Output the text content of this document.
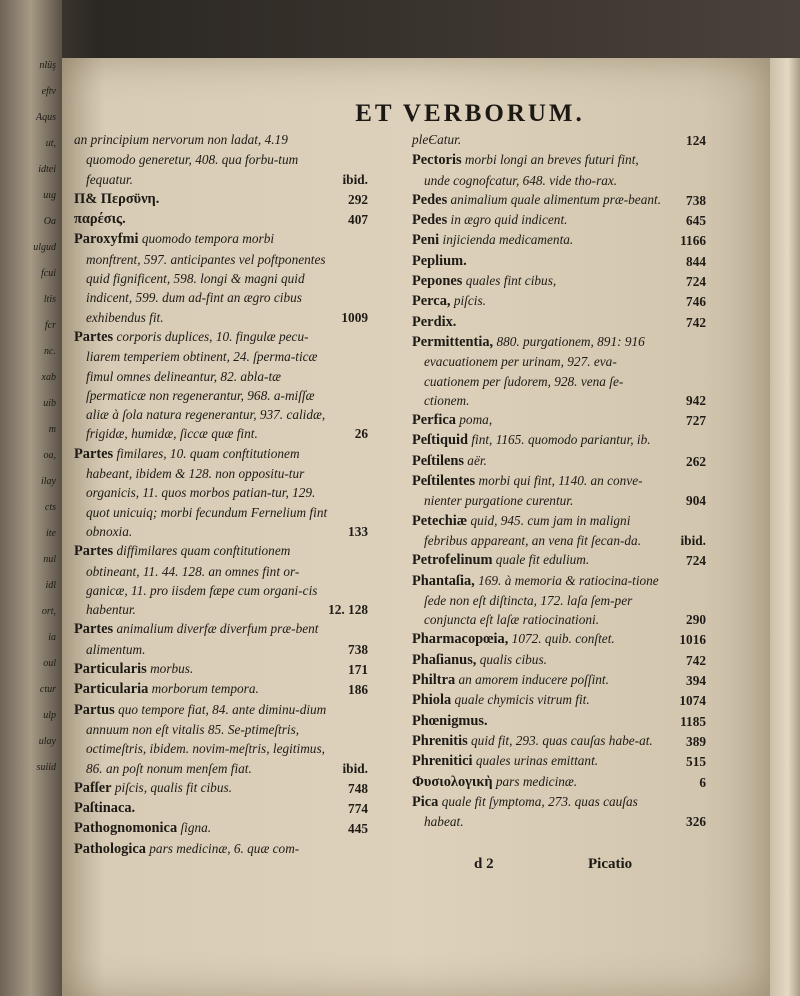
nlüş
eftv
Aqus
ut,
idtei
uıg
Oa
ulgud
fcui
ltis
fcr
nc.
xab
uib
m
oa,
ilay
cts
ite
nul
idl
ort,
ia
oul
ctur
ulp
ulay
suiid
ET VERBORUM.
an principium nervorum non ladat, 4.19 quomodo generetur, 408. qua forbu-tum fequatur.	ibid.
Π& Περσϋνη.	292
παρέσις.	407
Paroxyfmi quomodo tempora morbi monftrent, 597. anticipantes vel poftponentes quid fignificent, 598. longi & magni quid indicent, 599. dum ad-fint an ægro cibus exhibendus fit.	1009
Partes corporis duplices, 10. fingulæ pecu-liarem temperiem obtinent, 24. ſperma-ticæ fimul omnes delineantur, 82. abla-tæ ſpermaticæ non regenerantur, 968. a-miſſæ aliæ à ſola natura regenerantur, 937. calidæ, frigidæ, humidæ, ſiccæ quæ fint.	26
Partes fimilares, 10. quam conftitutionem habeant, ibidem & 128. non oppositu-tur organicis, 11. quos morbos patian-tur, 129. quot unicuiq; morbi fecundum Fernelium fint obnoxia.	133
Partes diffimilares quam conftitutionem obtineant, 11. 44. 128. an omnes fint or-ganicæ, 11. pro iisdem fæpe cum organi-cis habentur.	12. 128
Partes animalium diverfæ diverfum præ-bent alimentum.	738
Particularis morbus.	171
Particularia morborum tempora.	186
Partus quo tempore fiat, 84. ante diminu-dium annuum non eſt vitalis 85. Se-ptimeſtris, octimeſtris, ibidem. novim-meſtris, legitimus, 86. an poſt nonum menſem fiat.	ibid.
Pafſer piſcis, qualis fit cibus.	748
Paſtinaca.	774
Pathognomonica ſigna.	445
Pathologica pars medicinæ, 6. quæ com-
pleЄatur.	124
Pectoris morbi longi an breves futuri fint, unde cognofcatur, 648. vide tho-rax.
Pedes animalium quale alimentum præ-beant.	738
Pedes in ægro quid indicent.	645
Peni injicienda medicamenta.	1166
Peplium.	844
Pepones quales fint cibus,	724
Perca, piſcis.	746
Perdix.	742
Permittentia, 880. purgationem, 891: 916 evacuationem per urinam, 927. eva-cuationem per ſudorem, 928. vena ſe-ctionem.	942
Perfica poma,	727
Peſtiquid fint, 1165. quomodo pariantur, ib.
Peſtilens aër.	262
Peſtilentes morbi qui fint, 1140. an conve-nienter purgatione curentur.	904
Petechiæ quid, 945. cum jam in maligni febribus appareant, an vena fit ſecan-da.	ibid.
Petrofelinum quale fit edulium.	724
Phantaſia, 169. à memoria & ratiocina-tione ſede non eſt diſtincta, 172. laſa ſem-per conjuncta eſt laſæ ratiocinationi.	290
Pharmacopœia, 1072. quib. conſtet.	1016
Phaſianus, qualis cibus.	742
Philtra an amorem inducere poſſint.	394
Phiola quale chymicis vitrum fit.	1074
Phœnigmus.	1185
Phrenitis quid fit, 293. quas cauſas habe-at.	389
Phrenitici quales urinas emittant.	515
Φυσιολογικὴ pars medicinæ.	6
Pica quale fit ſymptoma, 273. quas cauſas habeat.	326
d 2	Picatio
